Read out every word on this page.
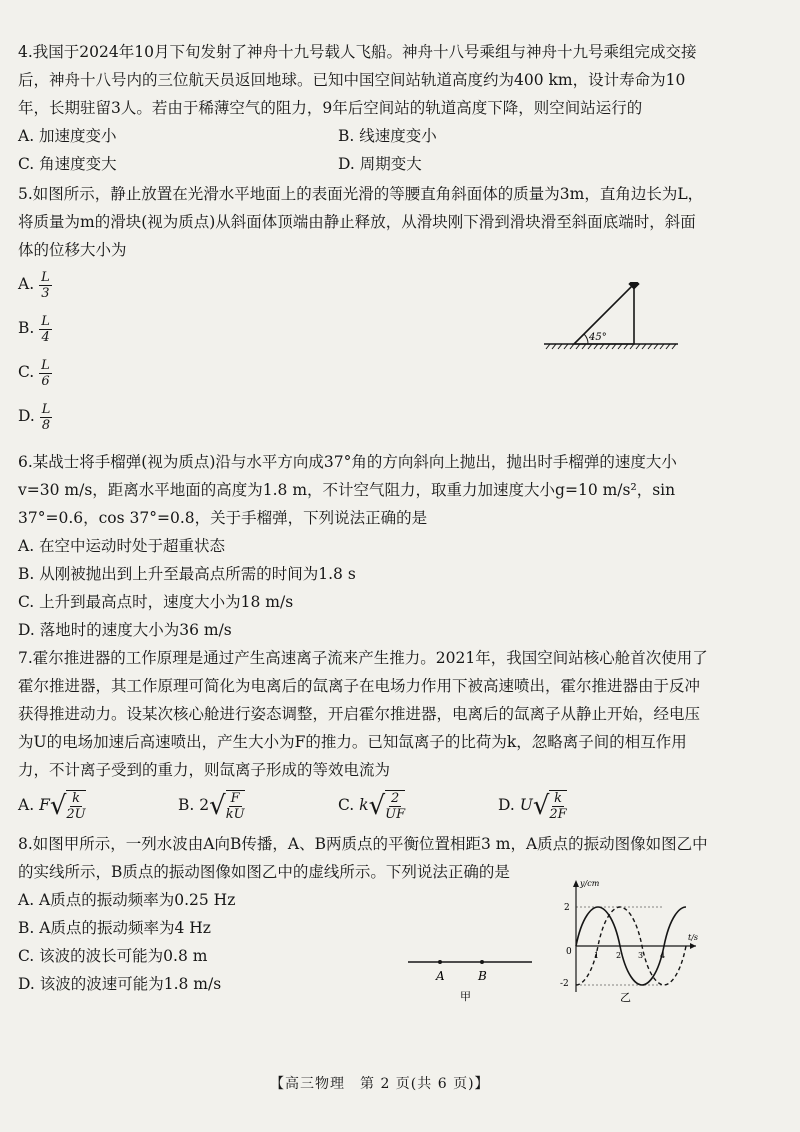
4.我国于2024年10月下旬发射了神舟十九号载人飞船。神舟十八号乘组与神舟十九号乘组完成交接后，神舟十八号内的三位航天员返回地球。已知中国空间站轨道高度约为400 km，设计寿命为10年，长期驻留3人。若由于稀薄空气的阻力，9年后空间站的轨道高度下降，则空间站运行的
A. 加速度变小	B. 线速度变小
C. 角速度变大	D. 周期变大
5.如图所示，静止放置在光滑水平地面上的表面光滑的等腰直角斜面体的质量为3m，直角边长为L，将质量为m的滑块(视为质点)从斜面体顶端由静止释放，从滑块刚下滑到滑块滑至斜面底端时，斜面体的位移大小为
A. $\frac{L}{3}$
B. $\frac{L}{4}$
C. $\frac{L}{6}$
D. $\frac{L}{8}$
45°
6.某战士将手榴弹(视为质点)沿与水平方向成37°角的方向斜向上抛出，抛出时手榴弹的速度大小v=30 m/s，距离水平地面的高度为1.8 m，不计空气阻力，取重力加速度大小g=10 m/s²，sin 37°=0.6，cos 37°=0.8，关于手榴弹，下列说法正确的是
A. 在空中运动时处于超重状态
B. 从刚被抛出到上升至最高点所需的时间为1.8 s
C. 上升到最高点时，速度大小为18 m/s
D. 落地时的速度大小为36 m/s
7.霍尔推进器的工作原理是通过产生高速离子流来产生推力。2021年，我国空间站核心舱首次使用了霍尔推进器，其工作原理可简化为电离后的氙离子在电场力作用下被高速喷出，霍尔推进器由于反冲获得推进动力。设某次核心舱进行姿态调整，开启霍尔推进器，电离后的氙离子从静止开始，经电压为U的电场加速后高速喷出，产生大小为F的推力。已知氙离子的比荷为k，忽略离子间的相互作用力，不计离子受到的重力，则氙离子形成的等效电流为
A. F √ $\frac{k}{2U}$	B. 2 √ $\frac{F}{kU}$	C. k √ $\frac{2}{UF}$	D. U √ $\frac{k}{2F}$
8.如图甲所示，一列水波由A向B传播，A、B两质点的平衡位置相距3 m，A质点的振动图像如图乙中的实线所示，B质点的振动图像如图乙中的虚线所示。下列说法正确的是
A. A质点的振动频率为0.25 Hz
B. A质点的振动频率为4 Hz
C. 该波的波长可能为0.8 m
D. 该波的波速可能为1.8 m/s	A	B
甲
y/cm
t/s
2
-2
0	1 2 3 4
乙
【高三物理　第 2 页(共 6 页)】
